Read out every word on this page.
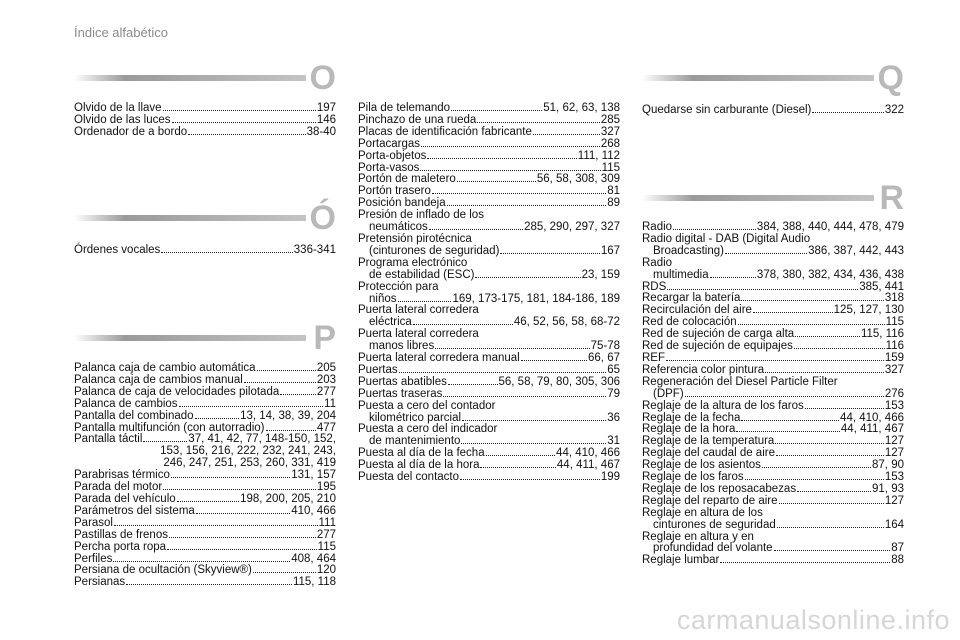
Índice alfabético
O
Olvido de la llave	197
Olvido de las luces	146
Ordenador de a bordo	38-40
Ó
Órdenes vocales	336-341
P
Palanca caja de cambio automática	205
Palanca caja de cambios manual	203
Palanca de caja de velocidades pilotada	277
Palanca de cambios	11
Pantalla del combinado	13, 14, 38, 39, 204
Pantalla multifunción (con autorradio)	477
Pantalla táctil	37, 41, 42, 77, 148-150, 152,
153, 156, 216, 222, 232, 241, 243,
246, 247, 251, 253, 260, 331, 419
Parabrisas térmico	131, 157
Parada del motor	195
Parada del vehículo	198, 200, 205, 210
Parámetros del sistema	410, 466
Parasol	111
Pastillas de frenos	277
Percha porta ropa	115
Perfiles	408, 464
Persiana de ocultación (Skyview®)	120
Persianas	115, 118
Pila de telemando	51, 62, 63, 138
Pinchazo de una rueda	285
Placas de identificación fabricante	327
Portacargas	268
Porta-objetos	111, 112
Porta-vasos	115
Portón de maletero	56, 58, 308, 309
Portón trasero	81
Posición bandeja	89
Presión de inflado de los
neumáticos	285, 290, 297, 327
Pretensión pirotécnica
(cinturones de seguridad)	167
Programa electrónico
de estabilidad (ESC)	23, 159
Protección para
niños	169, 173-175, 181, 184-186, 189
Puerta lateral corredera
eléctrica	46, 52, 56, 58, 68-72
Puerta lateral corredera
manos libres	75-78
Puerta lateral corredera manual	66, 67
Puertas	65
Puertas abatibles	56, 58, 79, 80, 305, 306
Puertas traseras	79
Puesta a cero del contador
kilométrico parcial	36
Puesta a cero del indicador
de mantenimiento	31
Puesta al día de la fecha	44, 410, 466
Puesta al día de la hora	44, 411, 467
Puesta del contacto	199
Q
Quedarse sin carburante (Diesel)	322
R
Radio	384, 388, 440, 444, 478, 479
Radio digital - DAB (Digital Audio
Broadcasting)	386, 387, 442, 443
Radio
multimedia	378, 380, 382, 434, 436, 438
RDS	385, 441
Recargar la batería	318
Recirculación del aire	125, 127, 130
Red de colocación	115
Red de sujeción de carga alta	115, 116
Red de sujeción de equipajes	116
REF	159
Referencia color pintura	327
Regeneración del Diesel Particle Filter
(DPF)	276
Reglaje de la altura de los faros	153
Reglaje de la fecha	44, 410, 466
Reglaje de la hora	44, 411, 467
Reglaje de la temperatura	127
Reglaje del caudal de aire	127
Reglaje de los asientos	87, 90
Reglaje de los faros	153
Reglaje de los reposacabezas	91, 93
Reglaje del reparto de aire	127
Reglaje en altura de los
cinturones de seguridad	164
Reglaje en altura y en
profundidad del volante	87
Reglaje lumbar	88
carmanualsonline.info
